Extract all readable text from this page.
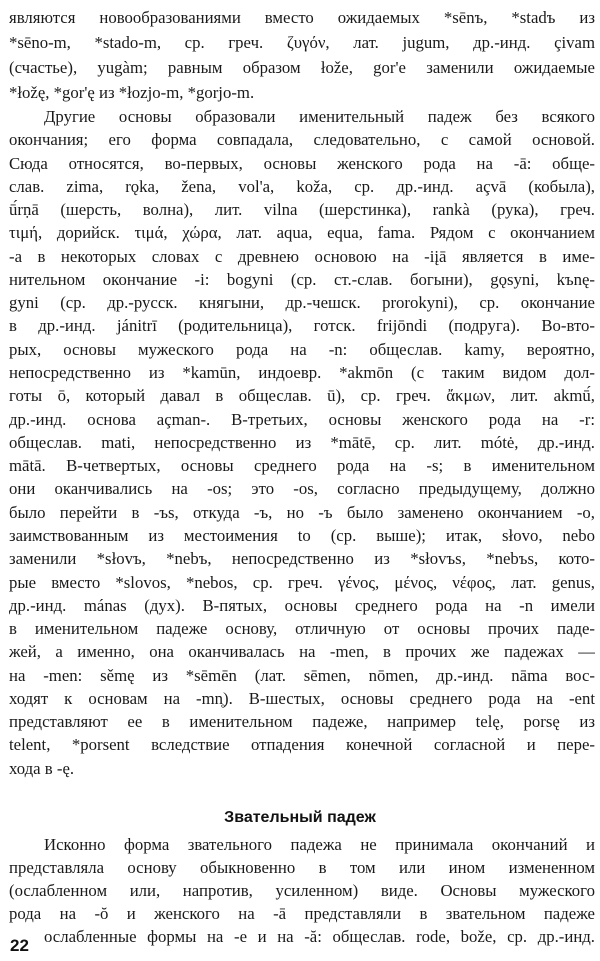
являются новообразованиями вместо ожидаемых *sēnъ, *stadъ из
*sēno-m, *stado-m, ср. греч. ζυγόν, лат. jugum, др.-инд. çivam
(счастье), yugàm; равным образом łože, gor'e заменили ожидаемые
*łožę, *gor'ę из *łozjo-m, *gorjo-m.
Другие основы образовали именительный падеж без всякого
окончания; его форма совпадала, следовательно, с самой основой.
Сюда относятся, во-первых, основы женского рода на -ā: обще-
слав. zima, rǫka, žena, vol'a, koža, ср. др.-инд. açvā (кобыла),
ū́rṇā (шерсть, волна), лит. vilna (шерстинка), rankà (рука), греч.
τιμή, дорийск. τιμά, χώρα, лат. aqua, equa, fama. Рядом с окончанием
-a в некоторых словах с древнею основою на -iįā является в име-
нительном окончание -i: bogyni (ср. ст.-слав. богыни), gǫsyni, kъnę-
gyni (ср. др.-русск. княгыни, др.-чешск. prorokyni), ср. окончание
в др.-инд. jánitrī (родительница), готск. frijōndi (подруга). Во-вто-
рых, основы мужеского рода на -n: общеслав. kamy, вероятно,
непосредственно из *kamūn, индоевр. *akmōn (с таким видом дол-
готы ō, который давал в общеслав. ū), ср. греч. ἄκμων, лит. akmū́,
др.-инд. основа açman-. В-третьих, основы женского рода на -r:
общеслав. mati, непосредственно из *mātē, ср. лит. mótė, др.-инд.
mātā. В-четвертых, основы среднего рода на -s; в именительном
они оканчивались на -os; это -os, согласно предыдущему, должно
было перейти в -ъs, откуда -ъ, но -ъ было заменено окончанием -o,
заимствованным из местоимения to (ср. выше); итак, słovo, nebo
заменили *słovъ, *nebъ, непосредственно из *słovъs, *nebъs, кото-
рые вместо *slovos, *nebos, ср. греч. γένος, μένος, νέφος, лат. genus,
др.-инд. mánas (дух). В-пятых, основы среднего рода на -n имели
в именительном падеже основу, отличную от основы прочих паде-
жей, а именно, она оканчивалась на -men, в прочих же падежах —
на -men: sěmę из *sēmēn (лат. sēmen, nōmen, др.-инд. nāma вос-
ходят к основам на -mn̥). В-шестых, основы среднего рода на -ent
представляют ее в именительном падеже, например telę, porsę из
telent, *porsent вследствие отпадения конечной согласной и пере-
хода в -ę.
Звательный падеж
Исконно форма звательного падежа не принимала окончаний и
представляла основу обыкновенно в том или ином измененном
(ослабленном или, напротив, усиленном) виде. Основы мужеского
рода на -ŏ и женского на -ā представляли в звательном падеже
ослабленные формы на -e и на -ă: общеслав. rode, bože, ср. др.-инд.
22
